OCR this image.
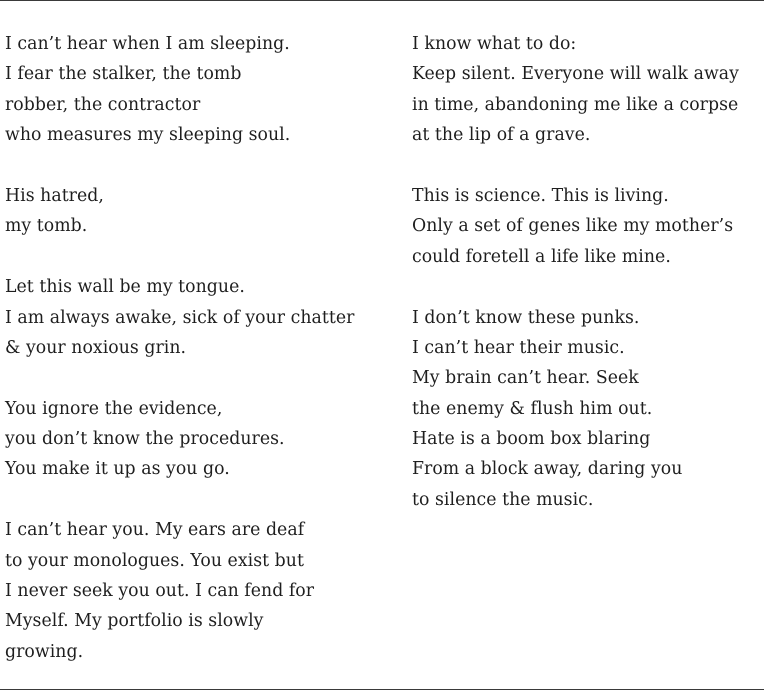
I can’t hear when I am sleeping.
I fear the stalker, the tomb
robber, the contractor
who measures my sleeping soul.
His hatred,
my tomb.
Let this wall be my tongue.
I am always awake, sick of your chatter
& your noxious grin.
You ignore the evidence,
you don’t know the procedures.
You make it up as you go.
I can’t hear you. My ears are deaf
to your monologues. You exist but
I never seek you out. I can fend for
Myself. My portfolio is slowly
growing.
I know what to do:
Keep silent. Everyone will walk away
in time, abandoning me like a corpse
at the lip of a grave.
This is science. This is living.
Only a set of genes like my mother’s
could foretell a life like mine.
I don’t know these punks.
I can’t hear their music.
My brain can’t hear. Seek
the enemy & flush him out.
Hate is a boom box blaring
From a block away, daring you
to silence the music.
